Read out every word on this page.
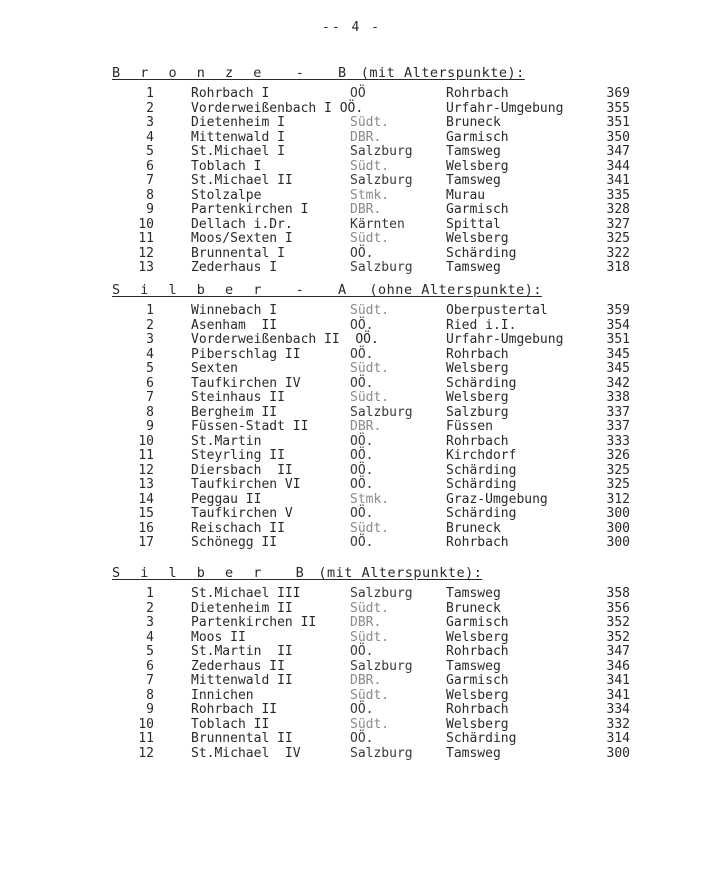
-- 4 -
B r o n z e  -  B (mit Alterspunkte):
1	Rohrbach I	OÖ	Rohrbach	369
2	Vorderweißenbach I OÖ.	Urfahr-Umgebung	355
3	Dietenheim I	Südt.	Bruneck	351
4	Mittenwald I	DBR.	Garmisch	350
5	St.Michael I	Salzburg	Tamsweg	347
6	Toblach I	Südt.	Welsberg	344
7	St.Michael II	Salzburg	Tamsweg	341
8	Stolzalpe	Stmk.	Murau	335
9	Partenkirchen I	DBR.	Garmisch	328
10	Dellach i.Dr.	Kärnten	Spittal	327
11	Moos/Sexten I	Südt.	Welsberg	325
12	Brunnental I	OÖ.	Schärding	322
13	Zederhaus I	Salzburg	Tamsweg	318
S i l b e r  -  A  (ohne Alterspunkte):
1	Winnebach I	Südt.	Oberpustertal	359
2	Asenham  II	OÖ.	Ried i.I.	354
3	Vorderweißenbach II  OÖ.	Urfahr-Umgebung	351
4	Piberschlag II	OÖ.	Rohrbach	345
5	Sexten	Südt.	Welsberg	345
6	Taufkirchen IV	OÖ.	Schärding	342
7	Steinhaus II	Südt.	Welsberg	338
8	Bergheim II	Salzburg	Salzburg	337
9	Füssen-Stadt II	DBR.	Füssen	337
10	St.Martin	OÖ.	Rohrbach	333
11	Steyrling II	OÖ.	Kirchdorf	326
12	Diersbach  II	OÖ.	Schärding	325
13	Taufkirchen VI	OÖ.	Schärding	325
14	Peggau II	Stmk.	Graz-Umgebung	312
15	Taufkirchen V	OÖ.	Schärding	300
16	Reischach II	Südt.	Bruneck	300
17	Schönegg II	OÖ.	Rohrbach	300
S i l b e r  B (mit Alterspunkte):
1	St.Michael III	Salzburg	Tamsweg	358
2	Dietenheim II	Südt.	Bruneck	356
3	Partenkirchen II	DBR.	Garmisch	352
4	Moos II	Südt.	Welsberg	352
5	St.Martin  II	OÖ.	Rohrbach	347
6	Zederhaus II	Salzburg	Tamsweg	346
7	Mittenwald II	DBR.	Garmisch	341
8	Innichen	Südt.	Welsberg	341
9	Rohrbach II	OÖ.	Rohrbach	334
10	Toblach II	Südt.	Welsberg	332
11	Brunnental II	OÖ.	Schärding	314
12	St.Michael  IV	Salzburg	Tamsweg	300
